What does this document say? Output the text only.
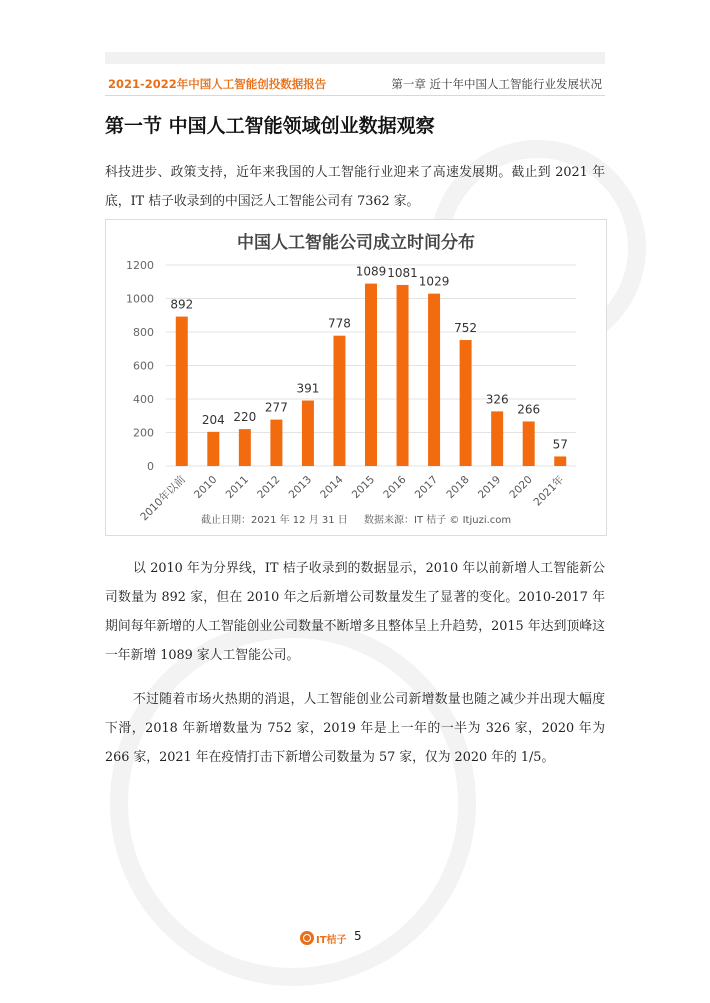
2021-2022年中国人工智能创投数据报告	第一章 近十年中国人工智能行业发展状况
第一节 中国人工智能领域创业数据观察
科技进步、政策支持，近年来我国的人工智能行业迎来了高速发展期。截止到 2021 年底，IT 桔子收录到的中国泛人工智能公司有 7362 家。
中国人工智能公司成立时间分布
0
200
400
600
800
1000
1200
892
2010年以前
204
2010
220
2011
277
2012
391
2013
778
2014
1089
2015
1081
2016
1029
2017
752
2018
326
2019
266
2020
57
2021年
截止日期：2021 年 12 月 31 日 数据来源：IT 桔子 © Itjuzi.com
以 2010 年为分界线，IT 桔子收录到的数据显示，2010 年以前新增人工智能新公司数量为 892 家，但在 2010 年之后新增公司数量发生了显著的变化。2010-2017 年期间每年新增的人工智能创业公司数量不断增多且整体呈上升趋势，2015 年达到顶峰这一年新增 1089 家人工智能公司。
不过随着市场火热期的消退，人工智能创业公司新增数量也随之减少并出现大幅度下滑，2018 年新增数量为 752 家，2019 年是上一年的一半为 326 家，2020 年为 266 家，2021 年在疫情打击下新增公司数量为 57 家，仅为 2020 年的 1/5。
IT桔子 5
